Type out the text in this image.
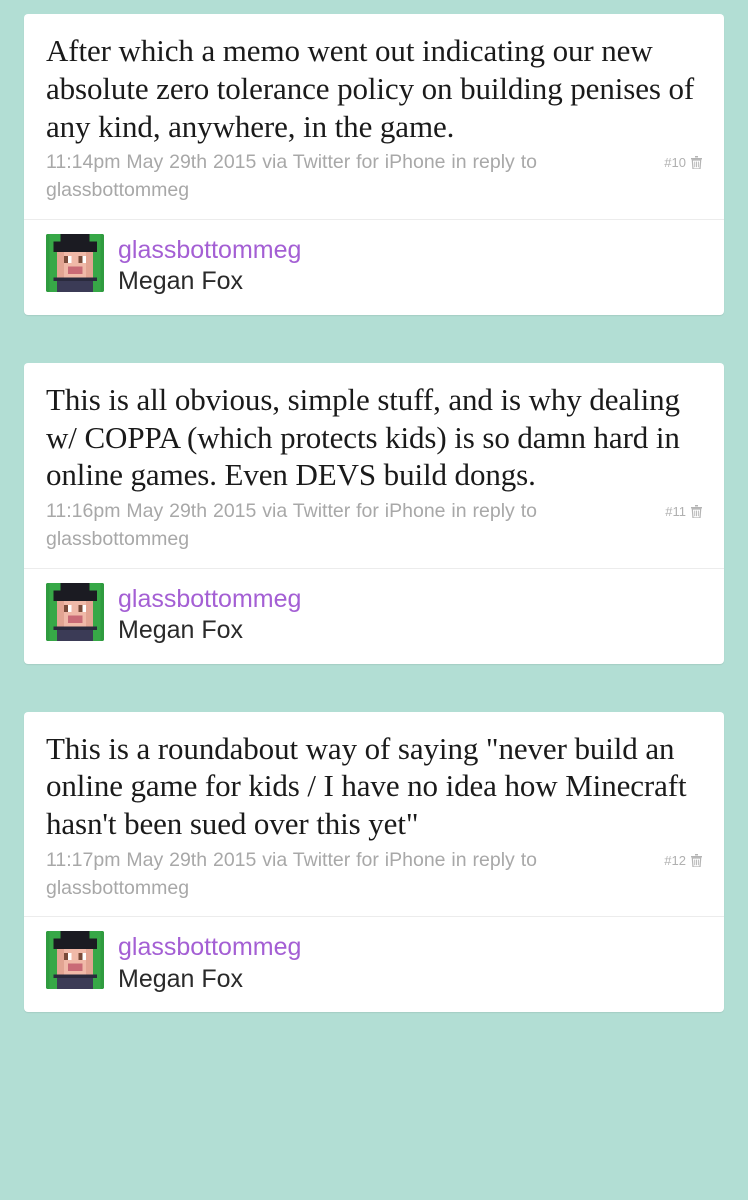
After which a memo went out indicating our new absolute zero tolerance policy on building penises of any kind, anywhere, in the game.

11:14pm May 29th 2015 via Twitter for iPhone in reply to glassbottommeg

#10
glassbottommeg
Megan Fox

This is all obvious, simple stuff, and is why dealing w/ COPPA (which protects kids) is so damn hard in online games. Even DEVS build dongs.

11:16pm May 29th 2015 via Twitter for iPhone in reply to glassbottommeg

#11
glassbottommeg
Megan Fox

This is a roundabout way of saying "never build an online game for kids / I have no idea how Minecraft hasn't been sued over this yet"

11:17pm May 29th 2015 via Twitter for iPhone in reply to glassbottommeg

#12
glassbottommeg
Megan Fox
